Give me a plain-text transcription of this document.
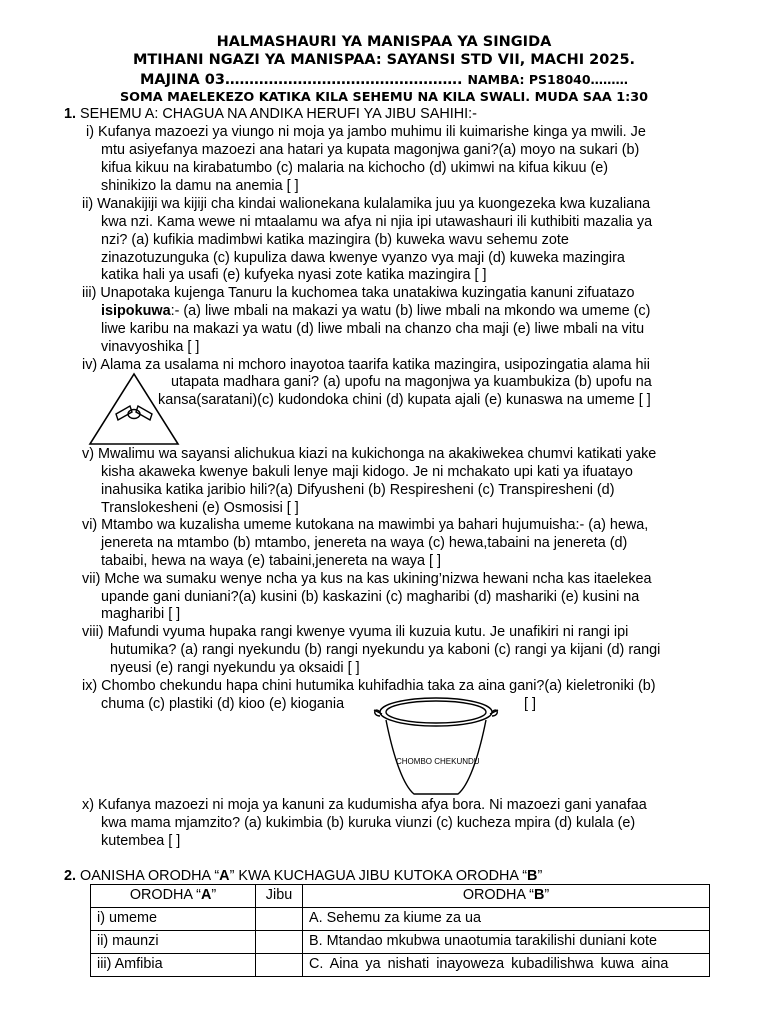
HALMASHAURI YA MANISPAA YA SINGIDA
MTIHANI NGAZI YA MANISPAA: SAYANSI STD VII, MACHI 2025.
MAJINA 03…………………………………………. NAMBA: PS18040………
SOMA MAELEKEZO KATIKA KILA SEHEMU NA KILA SWALI. MUDA SAA 1:30
1. SEHEMU A: CHAGUA NA ANDIKA HERUFI YA JIBU SAHIHI:-
i) Kufanya mazoezi ya viungo ni moja ya jambo muhimu ili kuimarishe kinga ya mwili. Je
mtu asiyefanya mazoezi ana hatari ya kupata magonjwa gani?(a) moyo na sukari (b)
kifua kikuu na kirabatumbo (c) malaria na kichocho (d) ukimwi na kifua kikuu (e)
shinikizo la damu na anemia [ ]
ii) Wanakijiji wa kijiji cha kindai walionekana kulalamika juu ya kuongezeka kwa kuzaliana
kwa nzi. Kama wewe ni mtaalamu wa afya ni njia ipi utawashauri ili kuthibiti mazalia ya
nzi? (a) kufikia madimbwi katika mazingira (b) kuweka wavu sehemu zote
zinazotuzunguka (c) kupuliza dawa kwenye vyanzo vya maji (d) kuweka mazingira
katika hali ya usafi (e) kufyeka nyasi zote katika mazingira [ ]
iii) Unapotaka kujenga Tanuru la kuchomea taka unatakiwa kuzingatia kanuni zifuatazo
isipokuwa:- (a) liwe mbali na makazi ya watu (b) liwe mbali na mkondo wa umeme (c)
liwe karibu na makazi ya watu (d) liwe mbali na chanzo cha maji (e) liwe mbali na vitu
vinavyoshika [ ]
iv) Alama za usalama ni mchoro inayotoa taarifa katika mazingira, usipozingatia alama hii
utapata madhara gani? (a) upofu na magonjwa ya kuambukiza (b) upofu na
kansa(saratani)(c) kudondoka chini (d) kupata ajali (e) kunaswa na umeme [ ]
v) Mwalimu wa sayansi alichukua kiazi na kukichonga na akakiwekea chumvi katikati yake
kisha akaweka kwenye bakuli lenye maji kidogo. Je ni mchakato upi kati ya ifuatayo
inahusika katika jaribio hili?(a) Difyusheni (b) Respiresheni (c) Transpiresheni (d)
Translokesheni (e) Osmosisi [ ]
vi) Mtambo wa kuzalisha umeme kutokana na mawimbi ya bahari hujumuisha:- (a) hewa,
jenereta na mtambo (b) mtambo, jenereta na waya (c) hewa,tabaini na jenereta (d)
tabaibi, hewa na waya (e) tabaini,jenereta na waya [ ]
vii) Mche wa sumaku wenye ncha ya kus na kas ukining’nizwa hewani ncha kas itaelekea
upande gani duniani?(a) kusini (b) kaskazini (c) magharibi (d) mashariki (e) kusini na
magharibi [ ]
viii) Mafundi vyuma hupaka rangi kwenye vyuma ili kuzuia kutu. Je unafikiri ni rangi ipi
hutumika? (a) rangi nyekundu (b) rangi nyekundu ya kaboni (c) rangi ya kijani (d) rangi
nyeusi (e) rangi nyekundu ya oksaidi [ ]
ix) Chombo chekundu hapa chini hutumika kuhifadhia taka za aina gani?(a) kieletroniki (b)
chuma (c) plastiki (d) kioo (e) kiogania	[ ]
CHOMBO CHEKUNDU
x) Kufanya mazoezi ni moja ya kanuni za kudumisha afya bora. Ni mazoezi gani yanafaa
kwa mama mjamzito? (a) kukimbia (b) kuruka viunzi (c) kucheza mpira (d) kulala (e)
kutembea [ ]
2. OANISHA ORODHA “A” KWA KUCHAGUA JIBU KUTOKA ORODHA “B”
ORODHA “A”	Jibu	ORODHA “B”
i) umeme		A. Sehemu za kiume za ua
ii) maunzi		B. Mtandao mkubwa unaotumia tarakilishi duniani kote
iii) Amfibia		C. Aina ya nishati inayoweza kubadilishwa kuwa aina
